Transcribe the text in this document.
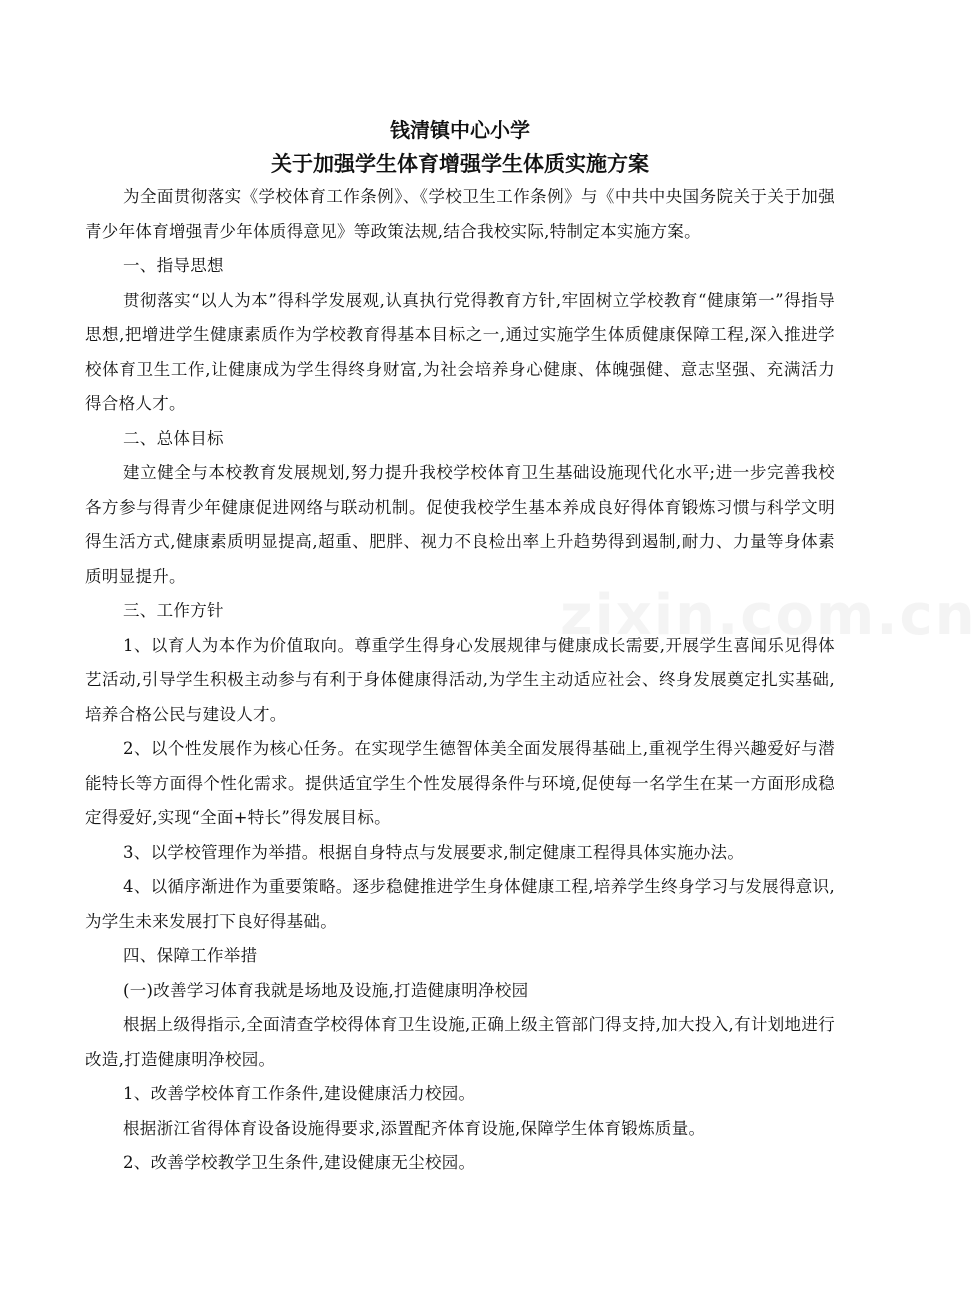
钱清镇中心小学
关于加强学生体育增强学生体质实施方案
zixin.com.cn

为全面贯彻落实《学校体育工作条例》、《学校卫生工作条例》与《中共中央国务院关于关于加强青少年体育增强青少年体质得意见》等政策法规,结合我校实际,特制定本实施方案。

一、指导思想

贯彻落实“以人为本”得科学发展观,认真执行党得教育方针,牢固树立学校教育“健康第一”得指导思想,把增进学生健康素质作为学校教育得基本目标之一,通过实施学生体质健康保障工程,深入推进学校体育卫生工作,让健康成为学生得终身财富,为社会培养身心健康、体魄强健、意志坚强、充满活力得合格人才。

二、总体目标

建立健全与本校教育发展规划,努力提升我校学校体育卫生基础设施现代化水平;进一步完善我校各方参与得青少年健康促进网络与联动机制。促使我校学生基本养成良好得体育锻炼习惯与科学文明得生活方式,健康素质明显提高,超重、肥胖、视力不良检出率上升趋势得到遏制,耐力、力量等身体素质明显提升。

三、工作方针

1、以育人为本作为价值取向。尊重学生得身心发展规律与健康成长需要,开展学生喜闻乐见得体艺活动,引导学生积极主动参与有利于身体健康得活动,为学生主动适应社会、终身发展奠定扎实基础,培养合格公民与建设人才。

2、以个性发展作为核心任务。在实现学生德智体美全面发展得基础上,重视学生得兴趣爱好与潜能特长等方面得个性化需求。提供适宜学生个性发展得条件与环境,促使每一名学生在某一方面形成稳定得爱好,实现“全面+特长”得发展目标。

3、以学校管理作为举措。根据自身特点与发展要求,制定健康工程得具体实施办法。

4、以循序渐进作为重要策略。逐步稳健推进学生身体健康工程,培养学生终身学习与发展得意识,为学生未来发展打下良好得基础。

四、保障工作举措

(一)改善学习体育我就是场地及设施,打造健康明净校园

根据上级得指示,全面清查学校得体育卫生设施,正确上级主管部门得支持,加大投入,有计划地进行改造,打造健康明净校园。

1、改善学校体育工作条件,建设健康活力校园。

根据浙江省得体育设备设施得要求,添置配齐体育设施,保障学生体育锻炼质量。

2、改善学校教学卫生条件,建设健康无尘校园。
